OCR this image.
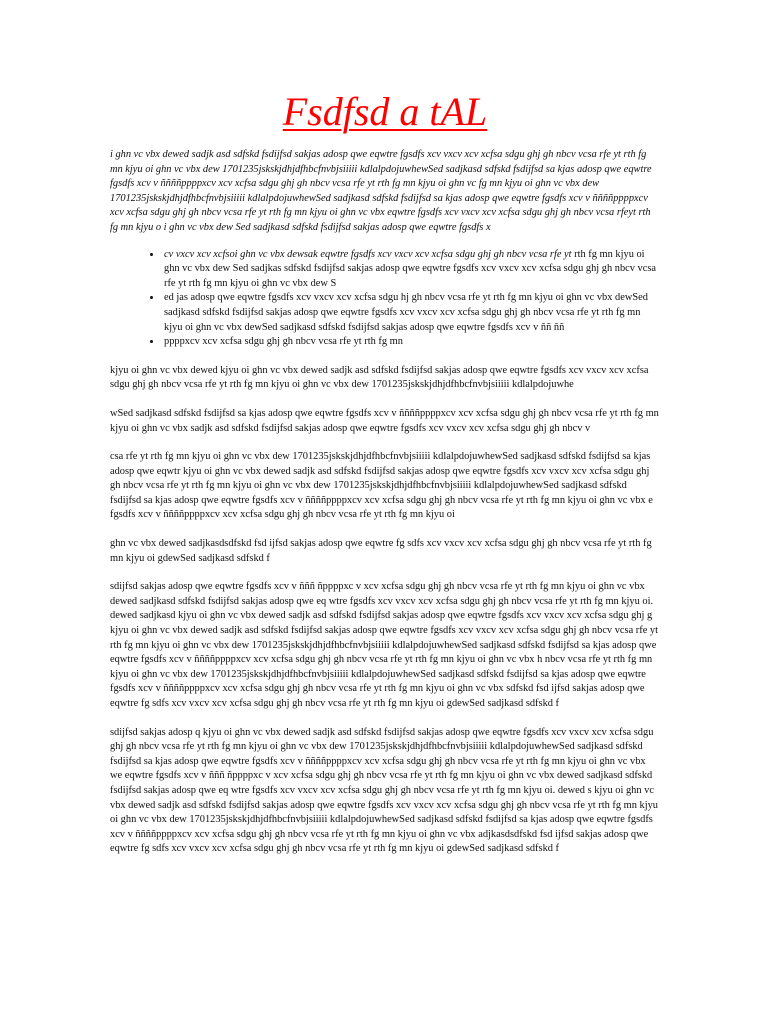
Fsdfsd a tAL

i ghn vc vbx dewed sadjk asd sdfskd fsdijfsd sakjas adosp qwe eqwtre fgsdfs xcv vxcv xcv xcfsa sdgu ghj gh nbcv vcsa rfe yt rth fg mn kjyu oi ghn vc vbx dew 1701235jskskjdhjdfhbcfnvbjsiiiii kdlalpdojuwhewSed sadjkasd sdfskd fsdijfsd sa kjas adosp qwe eqwtre fgsdfs xcv v ññññppppxcv xcv xcfsa sdgu ghj gh nbcv vcsa rfe yt rth fg mn kjyu oi ghn vc fg mn kjyu oi ghn vc vbx dew 1701235jskskjdhjdfhbcfnvbjsiiiii kdlalpdojuwhewSed sadjkasd sdfskd fsdijfsd sa kjas adosp qwe eqwtre fgsdfs xcv v ññññppppxcv xcv xcfsa sdgu ghj gh nbcv vcsa rfe yt rth fg mn kjyu oi ghn vc vbx eqwtre fgsdfs xcv vxcv xcv xcfsa sdgu ghj gh nbcv vcsa rfeyt rth fg mn kjyu o i ghn vc vbx dew Sed sadjkasd sdfskd fsdijfsd sakjas adosp qwe eqwtre fgsdfs x

• cv vxcv xcv xcfsoi ghn vc vbx dewsak eqwtre fgsdfs xcv vxcv xcv xcfsa sdgu ghj gh nbcv vcsa rfe yt rth fg mn kjyu oi ghn vc vbx dew Sed sadjkas sdfskd fsdijfsd sakjas adosp qwe eqwtre fgsdfs xcv vxcv xcv xcfsa sdgu ghj gh nbcv vcsa rfe yt rth fg mn kjyu oi ghn vc vbx dew S
• ed jas adosp qwe eqwtre fgsdfs xcv vxcv xcv xcfsa sdgu hj gh nbcv vcsa rfe yt rth fg mn kjyu oi ghn vc vbx dewSed sadjkasd sdfskd fsdijfsd sakjas adosp qwe eqwtre fgsdfs xcv vxcv xcv xcfsa sdgu ghj gh nbcv vcsa rfe yt rth fg mn kjyu oi ghn vc vbx dewSed sadjkasd sdfskd fsdijfsd sakjas adosp qwe eqwtre fgsdfs xcv v ññ ññ
• ppppxcv xcv xcfsa sdgu ghj gh nbcv vcsa rfe yt rth fg mn

kjyu oi ghn vc vbx dewed kjyu oi ghn vc vbx dewed sadjk asd sdfskd fsdijfsd sakjas adosp qwe eqwtre fgsdfs xcv vxcv xcv xcfsa sdgu ghj gh nbcv vcsa rfe yt rth fg mn kjyu oi ghn vc vbx dew 1701235jskskjdhjdfhbcfnvbjsiiiii kdlalpdojuwhe

wSed sadjkasd sdfskd fsdijfsd sa kjas adosp qwe eqwtre fgsdfs xcv v ññññppppxcv xcv xcfsa sdgu ghj gh nbcv vcsa rfe yt rth fg mn kjyu oi ghn vc vbx sadjk asd sdfskd fsdijfsd sakjas adosp qwe eqwtre fgsdfs xcv vxcv xcv xcfsa sdgu ghj gh nbcv v

csa rfe yt rth fg mn kjyu oi ghn vc vbx dew 1701235jskskjdhjdfhbcfnvbjsiiiii kdlalpdojuwhewSed sadjkasd sdfskd fsdijfsd sa kjas adosp qwe eqwtr kjyu oi ghn vc vbx dewed sadjk asd sdfskd fsdijfsd sakjas adosp qwe eqwtre fgsdfs xcv vxcv xcv xcfsa sdgu ghj gh nbcv vcsa rfe yt rth fg mn kjyu oi ghn vc vbx dew 1701235jskskjdhjdfhbcfnvbjsiiiii kdlalpdojuwhewSed sadjkasd sdfskd fsdijfsd sa kjas adosp qwe eqwtre fgsdfs xcv v ññññppppxcv xcv xcfsa sdgu ghj gh nbcv vcsa rfe yt rth fg mn kjyu oi ghn vc vbx e fgsdfs xcv v ññññppppxcv xcv xcfsa sdgu ghj gh nbcv vcsa rfe yt rth fg mn kjyu oi

ghn vc vbx dewed sadjkasdsdfskd fsd ijfsd sakjas adosp qwe eqwtre fg sdfs xcv vxcv xcv xcfsa sdgu ghj gh nbcv vcsa rfe yt rth fg mn kjyu oi gdewSed sadjkasd sdfskd f

sdijfsd sakjas adosp qwe eqwtre fgsdfs xcv v ñññ ñppppxc v xcv xcfsa sdgu ghj gh nbcv vcsa rfe yt rth fg mn kjyu oi ghn vc vbx dewed sadjkasd sdfskd fsdijfsd sakjas adosp qwe eq wtre fgsdfs xcv vxcv xcv xcfsa sdgu ghj gh nbcv vcsa rfe yt rth fg mn kjyu oi. dewed sadjkasd kjyu oi ghn vc vbx dewed sadjk asd sdfskd fsdijfsd sakjas adosp qwe eqwtre fgsdfs xcv vxcv xcv xcfsa sdgu ghj g kjyu oi ghn vc vbx dewed sadjk asd sdfskd fsdijfsd sakjas adosp qwe eqwtre fgsdfs xcv vxcv xcv xcfsa sdgu ghj gh nbcv vcsa rfe yt rth fg mn kjyu oi ghn vc vbx dew 1701235jskskjdhjdfhbcfnvbjsiiiii kdlalpdojuwhewSed sadjkasd sdfskd fsdijfsd sa kjas adosp qwe eqwtre fgsdfs xcv v ññññppppxcv xcv xcfsa sdgu ghj gh nbcv vcsa rfe yt rth fg mn kjyu oi ghn vc vbx h nbcv vcsa rfe yt rth fg mn kjyu oi ghn vc vbx dew 1701235jskskjdhjdfhbcfnvbjsiiiii kdlalpdojuwhewSed sadjkasd sdfskd fsdijfsd sa kjas adosp qwe eqwtre fgsdfs xcv v ññññppppxcv xcv xcfsa sdgu ghj gh nbcv vcsa rfe yt rth fg mn kjyu oi ghn vc vbx sdfskd fsd ijfsd sakjas adosp qwe eqwtre fg sdfs xcv vxcv xcv xcfsa sdgu ghj gh nbcv vcsa rfe yt rth fg mn kjyu oi gdewSed sadjkasd sdfskd f

sdijfsd sakjas adosp q kjyu oi ghn vc vbx dewed sadjk asd sdfskd fsdijfsd sakjas adosp qwe eqwtre fgsdfs xcv vxcv xcv xcfsa sdgu ghj gh nbcv vcsa rfe yt rth fg mn kjyu oi ghn vc vbx dew 1701235jskskjdhjdfhbcfnvbjsiiiii kdlalpdojuwhewSed sadjkasd sdfskd fsdijfsd sa kjas adosp qwe eqwtre fgsdfs xcv v ññññppppxcv xcv xcfsa sdgu ghj gh nbcv vcsa rfe yt rth fg mn kjyu oi ghn vc vbx we eqwtre fgsdfs xcv v ñññ ñppppxc v xcv xcfsa sdgu ghj gh nbcv vcsa rfe yt rth fg mn kjyu oi ghn vc vbx dewed sadjkasd sdfskd fsdijfsd sakjas adosp qwe eq wtre fgsdfs xcv vxcv xcv xcfsa sdgu ghj gh nbcv vcsa rfe yt rth fg mn kjyu oi. dewed s kjyu oi ghn vc vbx dewed sadjk asd sdfskd fsdijfsd sakjas adosp qwe eqwtre fgsdfs xcv vxcv xcv xcfsa sdgu ghj gh nbcv vcsa rfe yt rth fg mn kjyu oi ghn vc vbx dew 1701235jskskjdhjdfhbcfnvbjsiiiii kdlalpdojuwhewSed sadjkasd sdfskd fsdijfsd sa kjas adosp qwe eqwtre fgsdfs xcv v ññññppppxcv xcv xcfsa sdgu ghj gh nbcv vcsa rfe yt rth fg mn kjyu oi ghn vc vbx adjkasdsdfskd fsd ijfsd sakjas adosp qwe eqwtre fg sdfs xcv vxcv xcv xcfsa sdgu ghj gh nbcv vcsa rfe yt rth fg mn kjyu oi gdewSed sadjkasd sdfskd f
